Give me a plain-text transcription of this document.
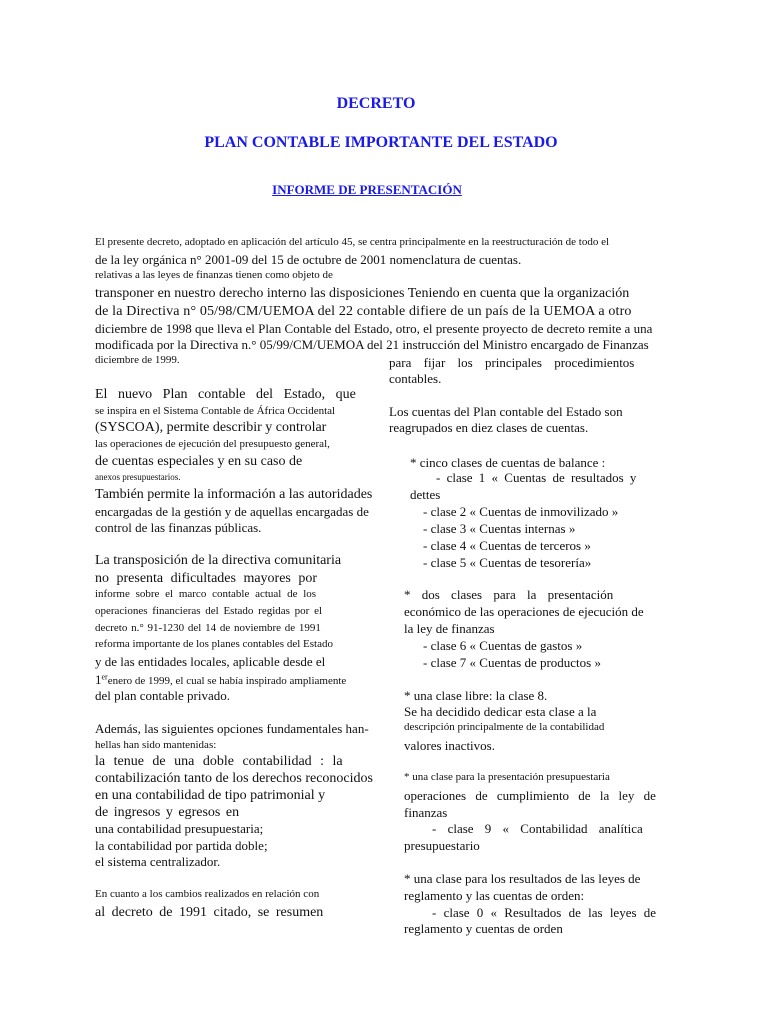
DECRETO
PLAN CONTABLE IMPORTANTE DEL ESTADO
INFORME DE PRESENTACIÓN
El presente decreto, adoptado en aplicación del artículo 45, se centra principalmente en la reestructuración de todo el
de la ley orgánica n° 2001-09 del 15 de octubre de 2001 nomenclatura de cuentas.
relativas a las leyes de finanzas tienen como objeto de
transponer en nuestro derecho interno las disposiciones Teniendo en cuenta que la organización
de la Directiva n° 05/98/CM/UEMOA del 22 contable difiere de un país de la UEMOA a otro
diciembre de 1998 que lleva el Plan Contable del Estado, otro, el presente proyecto de decreto remite a una
modificada por la Directiva n.° 05/99/CM/UEMOA del 21 instrucción del Ministro encargado de Finanzas
diciembre de 1999.
El nuevo Plan contable del Estado, que
se inspira en el Sistema Contable de África Occidental
(SYSCOA), permite describir y controlar
las operaciones de ejecución del presupuesto general,
de cuentas especiales y en su caso de
anexos presupuestarios.
También permite la información a las autoridades
encargadas de la gestión y de aquellas encargadas de
control de las finanzas públicas.
La transposición de la directiva comunitaria
no presenta dificultades mayores por
informe sobre el marco contable actual de los
operaciones financieras del Estado regidas por el
decreto n.° 91-1230 del 14 de noviembre de 1991
reforma importante de los planes contables del Estado
y de las entidades locales, aplicable desde el
1erenero de 1999, el cual se había inspirado ampliamente
del plan contable privado.
Además, las siguientes opciones fundamentales han-
hellas han sido mantenidas:
la tenue de una doble contabilidad : la
contabilización tanto de los derechos reconocidos
en una contabilidad de tipo patrimonial y
de ingresos y egresos en
una contabilidad presupuestaria;
la contabilidad por partida doble;
el sistema centralizador.
En cuanto a los cambios realizados en relación con
al decreto de 1991 citado, se resumen
para fijar los principales procedimientos
contables.
Los cuentas del Plan contable del Estado son
reagrupados en diez clases de cuentas.
* cinco clases de cuentas de balance :
- clase 1 « Cuentas de resultados y
dettes
- clase 2 « Cuentas de inmovilizado »
- clase 3 « Cuentas internas »
- clase 4 « Cuentas de terceros »
- clase 5 « Cuentas de tesorería»
* dos clases para la presentación
económico de las operaciones de ejecución de
la ley de finanzas
- clase 6 « Cuentas de gastos »
- clase 7 « Cuentas de productos »
* una clase libre: la clase 8.
Se ha decidido dedicar esta clase a la
descripción principalmente de la contabilidad
valores inactivos.
* una clase para la presentación presupuestaria
operaciones de cumplimiento de la ley de
finanzas
- clase 9 « Contabilidad analítica
presupuestario
* una clase para los resultados de las leyes de
reglamento y las cuentas de orden:
- clase 0 « Resultados de las leyes de
reglamento y cuentas de orden
